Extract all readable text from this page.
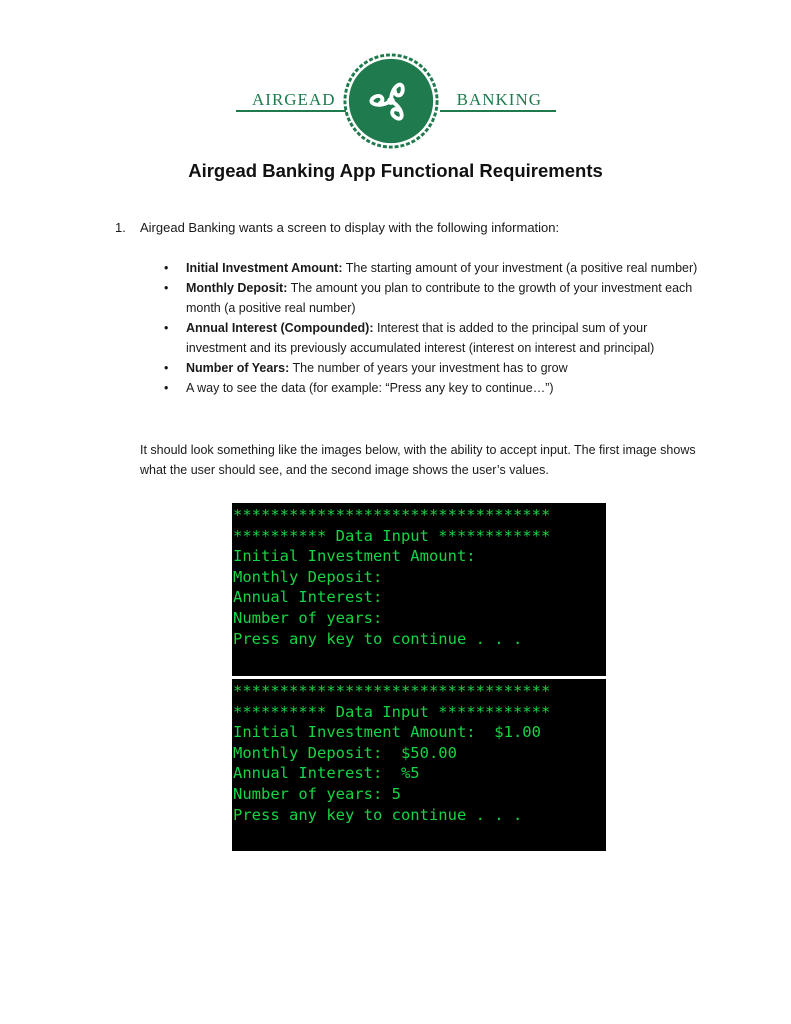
AIRGEAD	BANKING
Airgead Banking App Functional Requirements
1. Airgead Banking wants a screen to display with the following information:
• Initial Investment Amount: The starting amount of your investment (a positive real number)
• Monthly Deposit: The amount you plan to contribute to the growth of your investment each month (a positive real number)
• Annual Interest (Compounded): Interest that is added to the principal sum of your investment and its previously accumulated interest (interest on interest and principal)
• Number of Years: The number of years your investment has to grow
• A way to see the data (for example: “Press any key to continue…”)
It should look something like the images below, with the ability to accept input. The first image shows what the user should see, and the second image shows the user’s values.
**********************************
********** Data Input ************
Initial Investment Amount:
Monthly Deposit:
Annual Interest:
Number of years:
Press any key to continue . . .
**********************************
********** Data Input ************
Initial Investment Amount:  $1.00
Monthly Deposit:  $50.00
Annual Interest:  %5
Number of years: 5
Press any key to continue . . .
